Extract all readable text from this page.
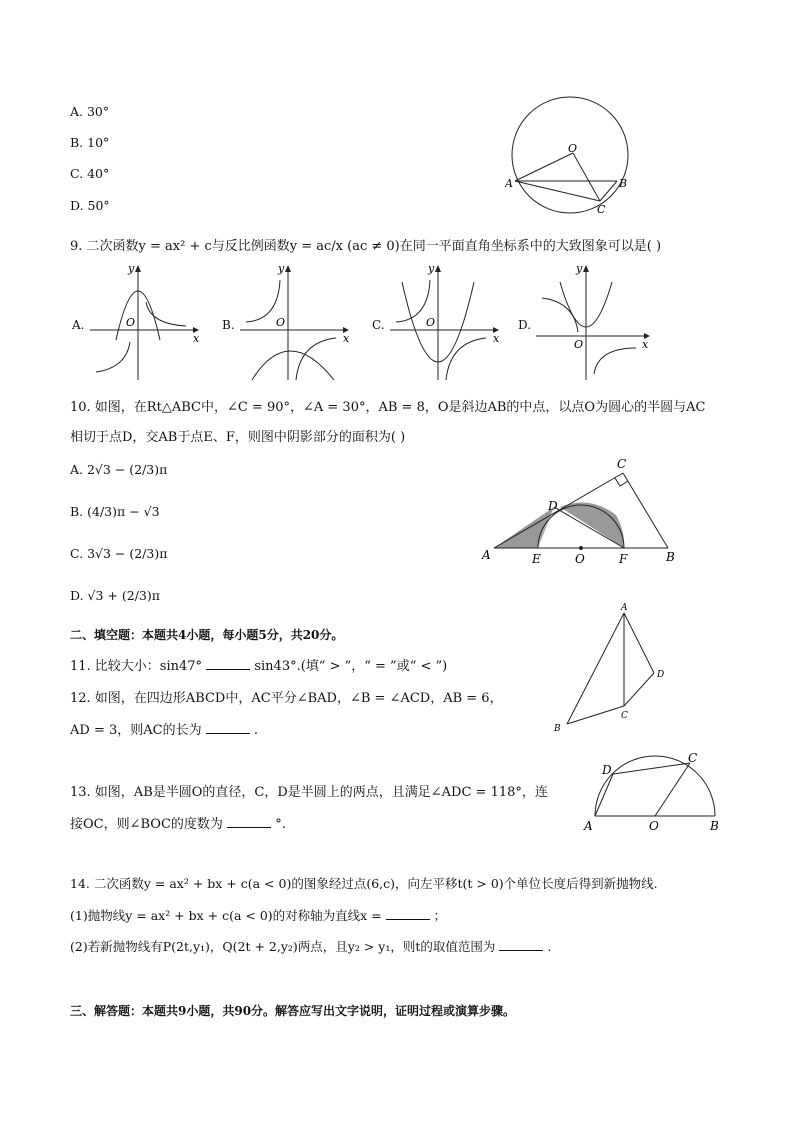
A. 30°
B. 10°
C. 40°
D. 50°
O
A	B
C
9. 二次函数y = ax² + c与反比例函数y = ac/x (ac ≠ 0)在同一平面直角坐标系中的大致图象可以是( )
A.
y
x
O	B.
y
x
O	C.
y
x
O	D.
y
x
O
10. 如图，在Rt△ABC中，∠C = 90°，∠A = 30°，AB = 8，O是斜边AB的中点，以点O为圆心的半圆与AC
相切于点D，交AB于点E、F，则图中阴影部分的面积为( )
A. 2√3 − (2/3)π
B. (4/3)π − √3
C. 3√3 − (2/3)π
D. √3 + (2/3)π
C
D
A	E	O	F	B
二、填空题：本题共4小题，每小题5分，共20分。
11. 比较大小：sin47°	sin43°.(填“ > ”，“ = ”或“ < ”)
12. 如图，在四边形ABCD中，AC平分∠BAD，∠B = ∠ACD，AB = 6，
AD = 3，则AC的长为	.
A
D
C
B
13. 如图，AB是半圆O的直径，C，D是半圆上的两点，且满足∠ADC = 118°，连
接OC，则∠BOC的度数为	°.
D
C
A	O	B
14. 二次函数y = ax² + bx + c(a < 0)的图象经过点(6,c)，向左平移t(t > 0)个单位长度后得到新抛物线.
(1)抛物线y = ax² + bx + c(a < 0)的对称轴为直线x =	；
(2)若新抛物线有P(2t,y₁)，Q(2t + 2,y₂)两点，且y₂ > y₁，则t的取值范围为	.
三、解答题：本题共9小题，共90分。解答应写出文字说明，证明过程或演算步骤。
